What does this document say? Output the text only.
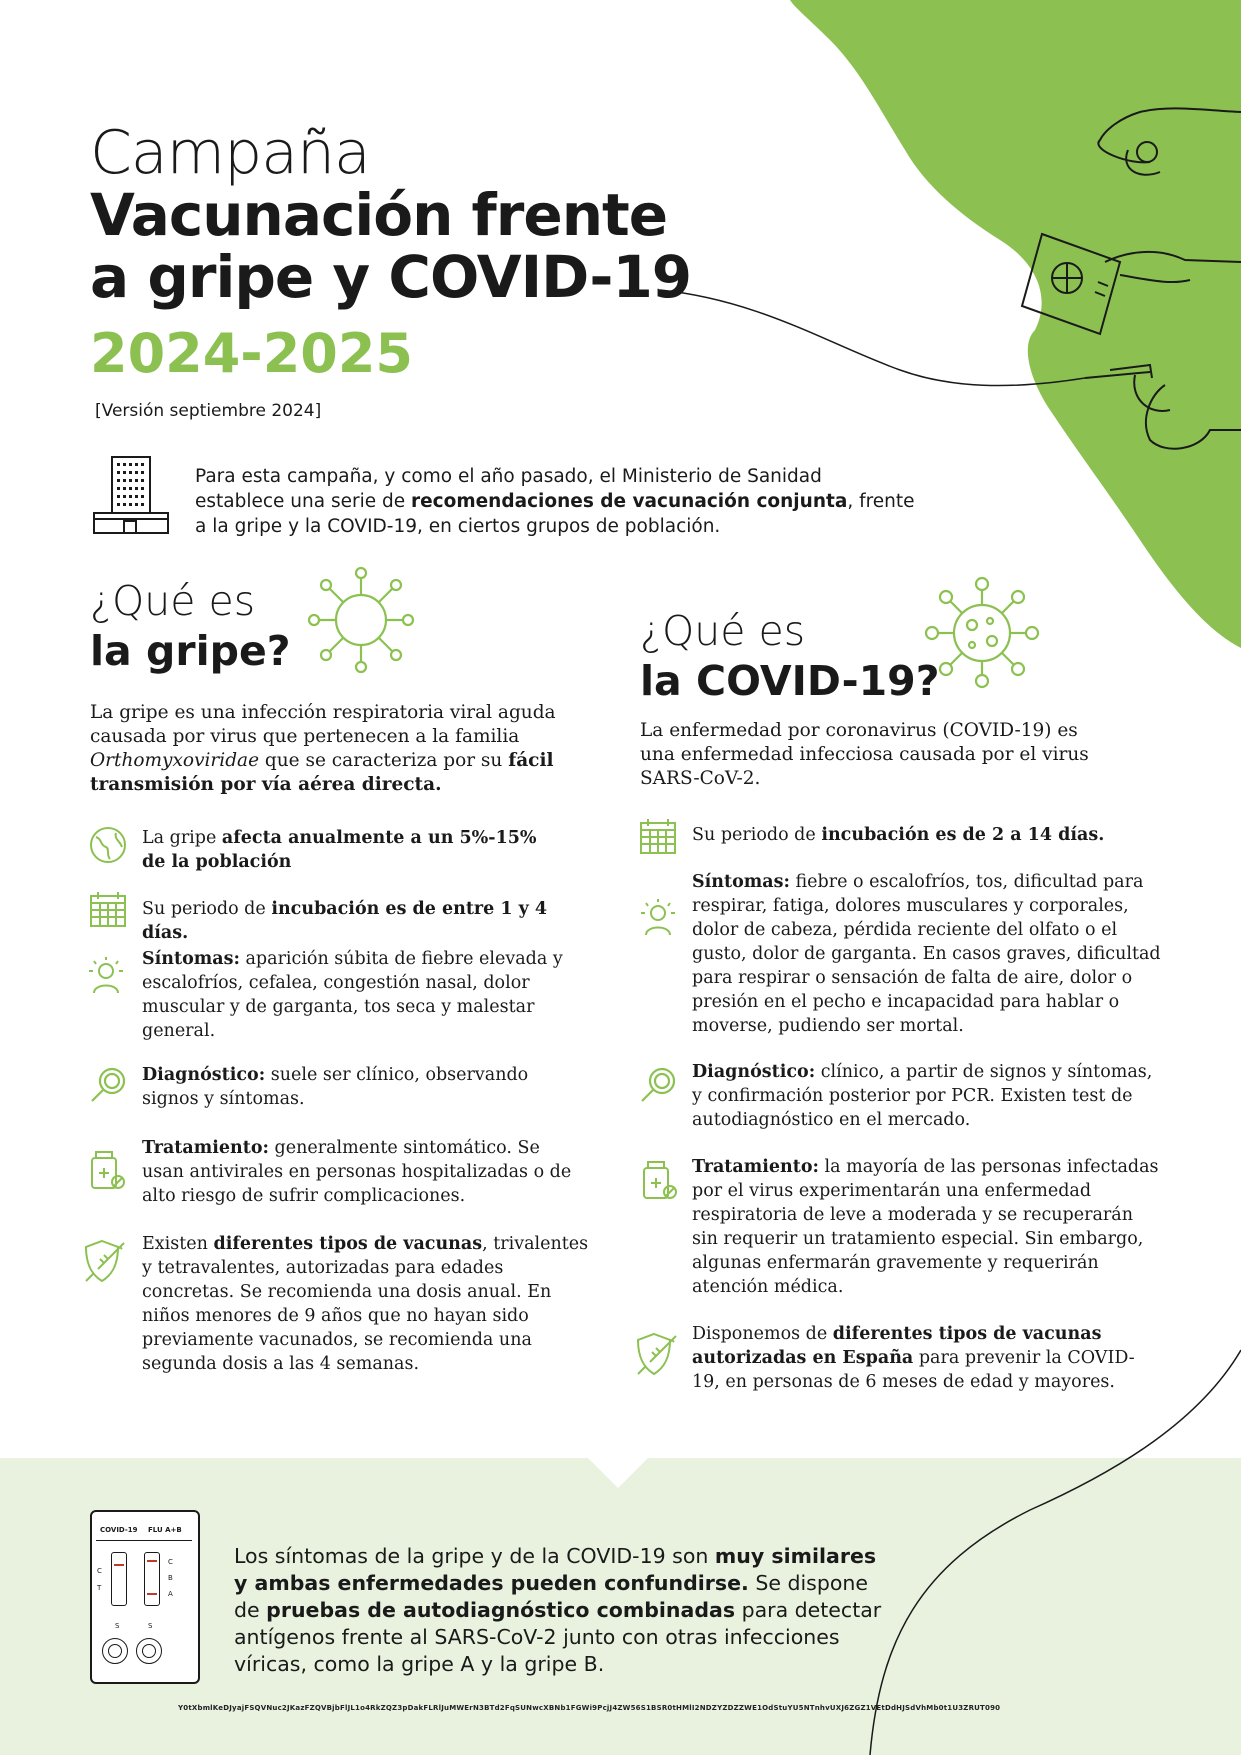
Campaña
Vacunación frente
a gripe y COVID-19
2024-2025
[Versión septiembre 2024]
Para esta campaña, y como el año pasado, el Ministerio de Sanidad establece una serie de recomendaciones de vacunación conjunta, frente a la gripe y la COVID-19, en ciertos grupos de población.
¿Qué es
la gripe?
La gripe es una infección respiratoria viral aguda causada por virus que pertenecen a la familia Orthomyxoviridae que se caracteriza por su fácil transmisión por vía aérea directa.
La gripe afecta anualmente a un 5%-15% de la población
Su periodo de incubación es de entre 1 y 4 días.
Síntomas: aparición súbita de fiebre elevada y escalofríos, cefalea, congestión nasal, dolor muscular y de garganta, tos seca y malestar general.
Diagnóstico: suele ser clínico, observando signos y síntomas.
Tratamiento: generalmente sintomático. Se usan antivirales en personas hospitalizadas o de alto riesgo de sufrir complicaciones.
Existen diferentes tipos de vacunas, trivalentes y tetravalentes, autorizadas para edades concretas. Se recomienda una dosis anual. En niños menores de 9 años que no hayan sido previamente vacunados, se recomienda una segunda dosis a las 4 semanas.
¿Qué es
la COVID-19?
La enfermedad por coronavirus (COVID-19) es una enfermedad infecciosa causada por el virus SARS-CoV-2.
Su periodo de incubación es de 2 a 14 días.
Síntomas: fiebre o escalofríos, tos, dificultad para respirar, fatiga, dolores musculares y corporales, dolor de cabeza, pérdida reciente del olfato o el gusto, dolor de garganta. En casos graves, dificultad para respirar o sensación de falta de aire, dolor o presión en el pecho e incapacidad para hablar o moverse, pudiendo ser mortal.
Diagnóstico: clínico, a partir de signos y síntomas, y confirmación posterior por PCR. Existen test de autodiagnóstico en el mercado.
Tratamiento: la mayoría de las personas infectadas por el virus experimentarán una enfermedad respiratoria de leve a moderada y se recuperarán sin requerir un tratamiento especial. Sin embargo, algunas enfermarán gravemente y requerirán atención médica.
Disponemos de diferentes tipos de vacunas autorizadas en España para prevenir la COVID-19, en personas de 6 meses de edad y mayores.
COVID-19 FLU A+B
C
T
C
B
A
S	S
Los síntomas de la gripe y de la COVID-19 son muy similares y ambas enfermedades pueden confundirse. Se dispone de pruebas de autodiagnóstico combinadas para detectar antígenos frente al SARS-CoV-2 junto con otras infecciones víricas, como la gripe A y la gripe B.
Y0tXbmlKeDJyajFSQVNuc2JKazFZQVBjbFlJL1o4RkZQZ3pDakFLRlJuMWErN3BTd2FqSUNwcXBNb1FGWi9PcjJ4ZW56S1BSR0tHMlI2NDZYZDZZWE1OdStuYU5NTnhvUXJ6ZGZ1VEtDdHJSdVhMb0t1U3ZRUT090
